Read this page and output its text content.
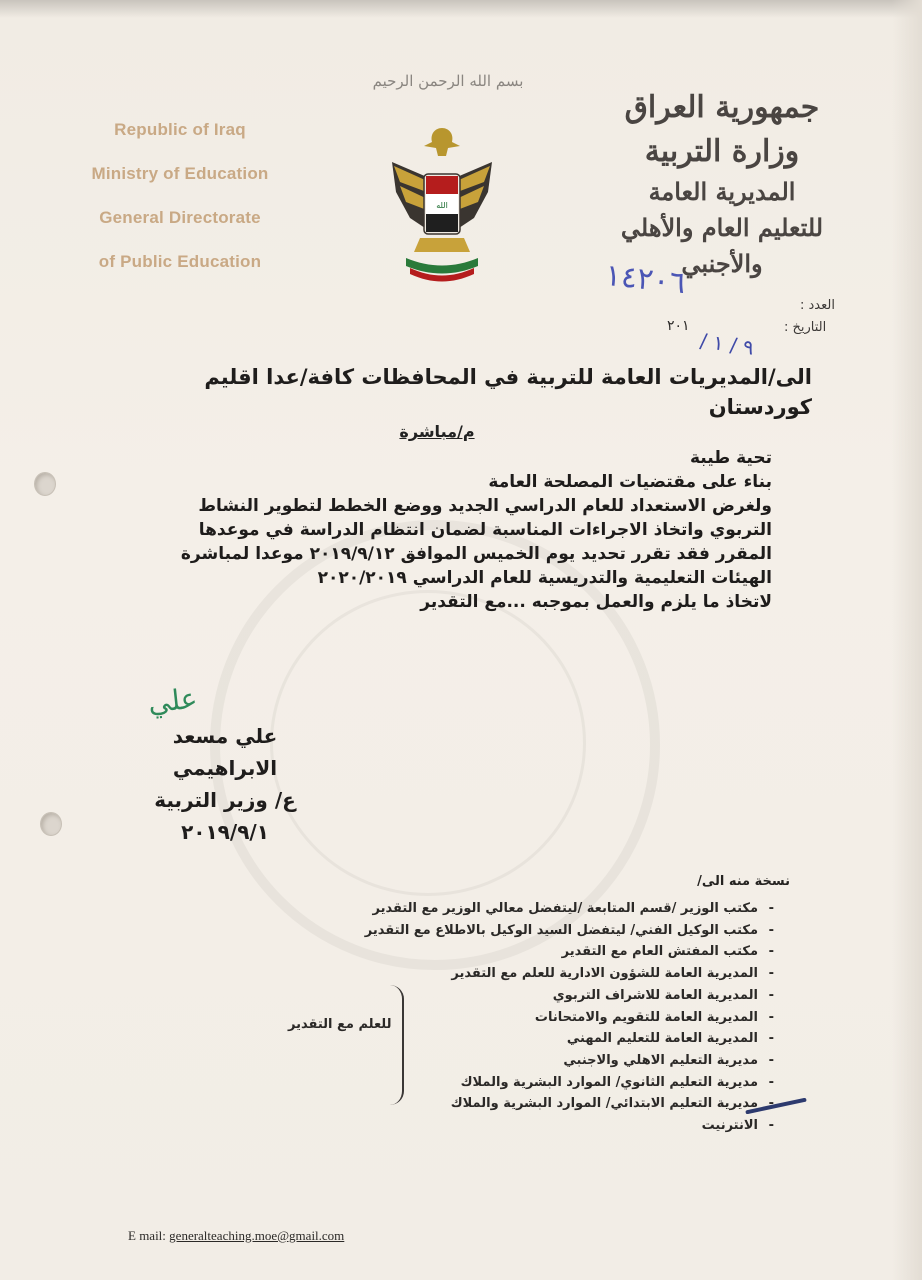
Republic of Iraq
Ministry of Education
General Directorate
of Public Education
بسم الله الرحمن الرحيم
الله
جمهورية العراق
وزارة التربية
المديرية العامة
للتعليم العام والأهلي والأجنبي
١٤٢٠٦
العدد :
التاريخ :
٢٠١
/ ٩ / ١
الى/المديريات العامة للتربية في المحافظات كافة/عدا اقليم كوردستان
م/مباشرة

تحية طيبة

بناء على مقتضيات المصلحة العامة

ولغرض الاستعداد للعام الدراسي الجديد ووضع الخطط لتطوير النشاط التربوي واتخاذ الاجراءات المناسبة لضمان انتظام الدراسة في موعدها المقرر فقد تقرر تحديد يوم الخميس الموافق ٢٠١٩/٩/١٢ موعدا لمباشرة الهيئات التعليمية والتدريسية للعام الدراسي ٢٠٢٠/٢٠١٩

لاتخاذ ما يلزم والعمل بموجبه ...مع التقدير

علي
علي مسعد الابراهيمي
ع/ وزير التربية
٢٠١٩/٩/١
نسخة منه الى/
- مكتب الوزير /قسم المتابعة /ليتفضل معالي الوزير مع التقدير
- مكتب الوكيل الفني/ ليتفضل السيد الوكيل بالاطلاع مع التقدير
- مكتب المفتش العام مع التقدير
- المديرية العامة للشؤون الادارية للعلم مع التقدير
- المديرية العامة للاشراف التربوي
- المديرية العامة للتقويم والامتحانات
- المديرية العامة للتعليم المهني
- مديرية التعليم الاهلي والاجنبي
- مديرية التعليم الثانوي/ الموارد البشرية والملاك
- مديرية التعليم الابتدائي/ الموارد البشرية والملاك
- الانترنيت
للعلم مع التقدير
E mail: generalteaching.moe@gmail.com
